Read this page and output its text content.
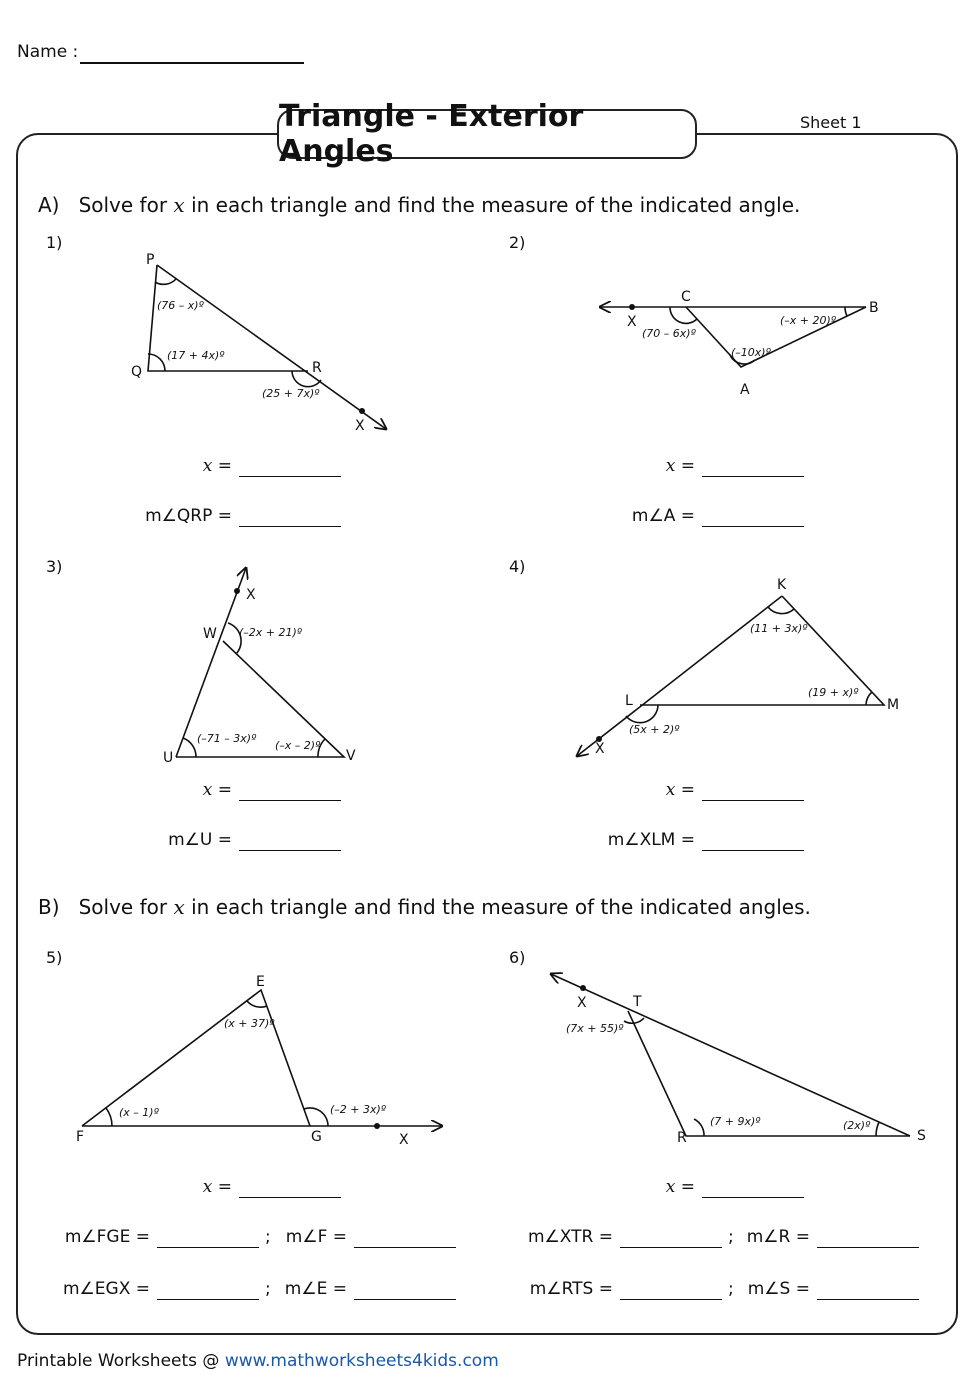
Name :
Triangle - Exterior Angles
Sheet 1
A) Solve for x in each triangle and find the measure of the indicated angle.
1)	2)
3)	4)
5)	6)
P
Q	R
X
C
B
X
A
X
W
U	V
K
L	M
X
E
F	G	X
X	T
R	S
(76 – x)º
(17 + 4x)º
(25 + 7x)º
(–x + 20)º
(70 – 6x)º
(–10x)º
(–2x + 21)º
(–71 – 3x)º
(–x – 2)º
(11 + 3x)º
(19 + x)º
(5x + 2)º
(x + 37)º
(x – 1)º	(–2 + 3x)º
(7x + 55)º
(7 + 9x)º	(2x)º
x =
m∠QRP =
x =
m∠A =
x =
m∠U =
x =
m∠XLM =
B) Solve for x in each triangle and find the measure of the indicated angles.
x =
m∠FGE =	; m∠F =
m∠EGX =	; m∠E =
x =
m∠XTR =	; m∠R =
m∠RTS =	; m∠S =
Printable Worksheets @ www.mathworksheets4kids.com
